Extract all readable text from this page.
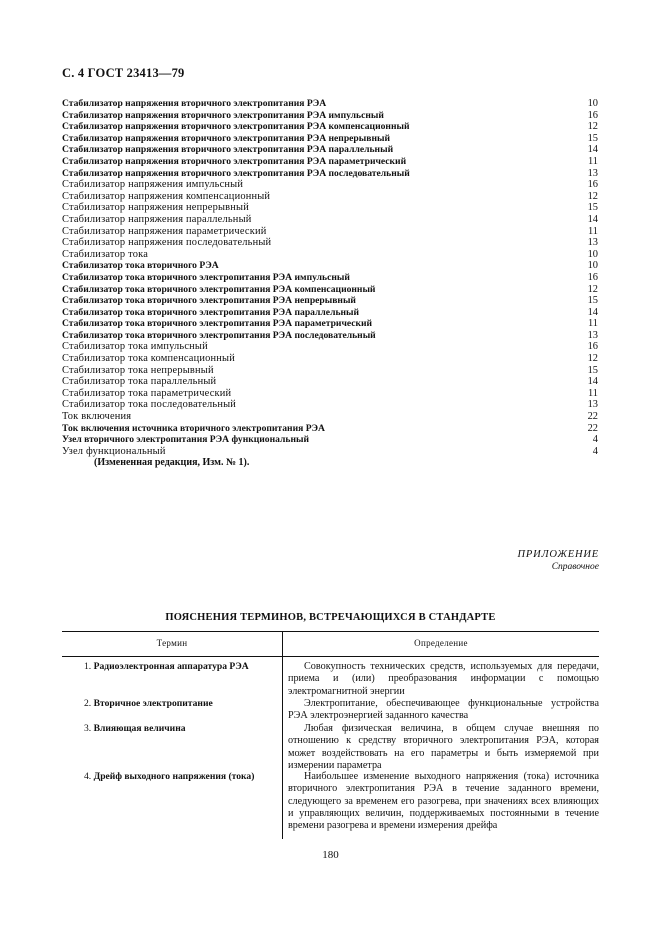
С. 4 ГОСТ 23413—79
Стабилизатор напряжения вторичного электропитания РЭА	10
Стабилизатор напряжения вторичного электропитания РЭА импульсный	16
Стабилизатор напряжения вторичного электропитания РЭА компенсационный	12
Стабилизатор напряжения вторичного электропитания РЭА непрерывный	15
Стабилизатор напряжения вторичного электропитания РЭА параллельный	14
Стабилизатор напряжения вторичного электропитания РЭА параметрический	11
Стабилизатор напряжения вторичного электропитания РЭА последовательный	13
Стабилизатор напряжения импульсный	16
Стабилизатор напряжения компенсационный	12
Стабилизатор напряжения непрерывный	15
Стабилизатор напряжения параллельный	14
Стабилизатор напряжения параметрический	11
Стабилизатор напряжения последовательный	13
Стабилизатор тока	10
Стабилизатор тока вторичного РЭА	10
Стабилизатор тока вторичного электропитания РЭА импульсный	16
Стабилизатор тока вторичного электропитания РЭА компенсационный	12
Стабилизатор тока вторичного электропитания РЭА непрерывный	15
Стабилизатор тока вторичного электропитания РЭА параллельный	14
Стабилизатор тока вторичного электропитания РЭА параметрический	11
Стабилизатор тока вторичного электропитания РЭА последовательный	13
Стабилизатор тока импульсный	16
Стабилизатор тока компенсационный	12
Стабилизатор тока непрерывный	15
Стабилизатор тока параллельный	14
Стабилизатор тока параметрический	11
Стабилизатор тока последовательный	13
Ток включения	22
Ток включения источника вторичного электропитания РЭА	22
Узел вторичного электропитания РЭА функциональный	4
Узел функциональный	4
(Измененная редакция, Изм. № 1).
ПРИЛОЖЕНИЕ
Справочное
ПОЯСНЕНИЯ ТЕРМИНОВ, ВСТРЕЧАЮЩИХСЯ В СТАНДАРТЕ
Термин	Определение
1. Радиоэлектронная аппаратура РЭА	Совокупность технических средств, используемых для передачи, приема и (или) преобразования информации с помощью электромагнитной энергии
2. Вторичное электропитание	Электропитание, обеспечивающее функциональные устройства РЭА электроэнергией заданного качества
3. Влияющая величина	Любая физическая величина, в общем случае внешняя по отношению к средству вторичного электропитания РЭА, которая может воздействовать на его параметры и быть измеряемой при измерении параметра
4. Дрейф выходного напряжения (тока)	Наибольшее изменение выходного напряжения (тока) источника вторичного электропитания РЭА в течение заданного времени, следующего за временем его разогрева, при значениях всех влияющих и управляющих величин, поддерживаемых постоянными в течение времени разогрева и времени измерения дрейфа
180
